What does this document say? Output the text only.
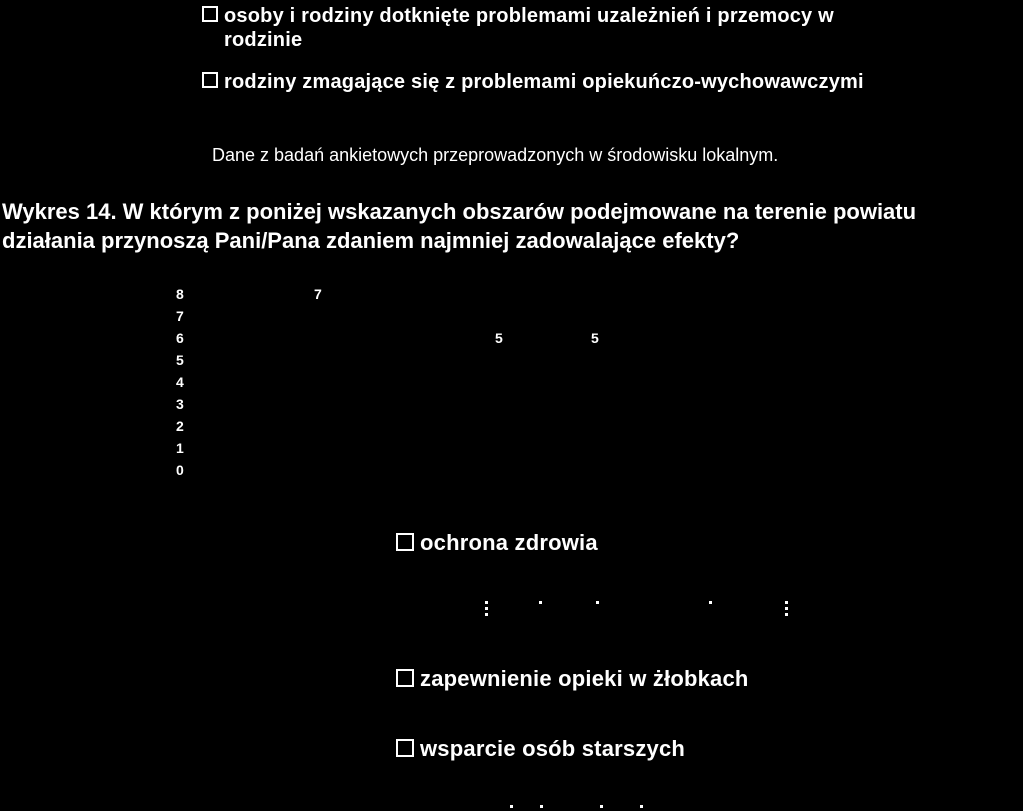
osoby i rodziny dotknięte problemami uzależnień i przemocy w
rodzinie
rodziny zmagające się z problemami opiekuńczo-wychowawczymi
Dane z badań ankietowych przeprowadzonych w środowisku lokalnym.
Wykres 14. W którym z poniżej wskazanych obszarów podejmowane na terenie powiatu
działania przynoszą Pani/Pana zdaniem najmniej zadowalające efekty?
8
7
6
5
4
3
2
1
0
7
5	5
ochrona zdrowia
zapewnienie opieki w żłobkach
wsparcie osób starszych
